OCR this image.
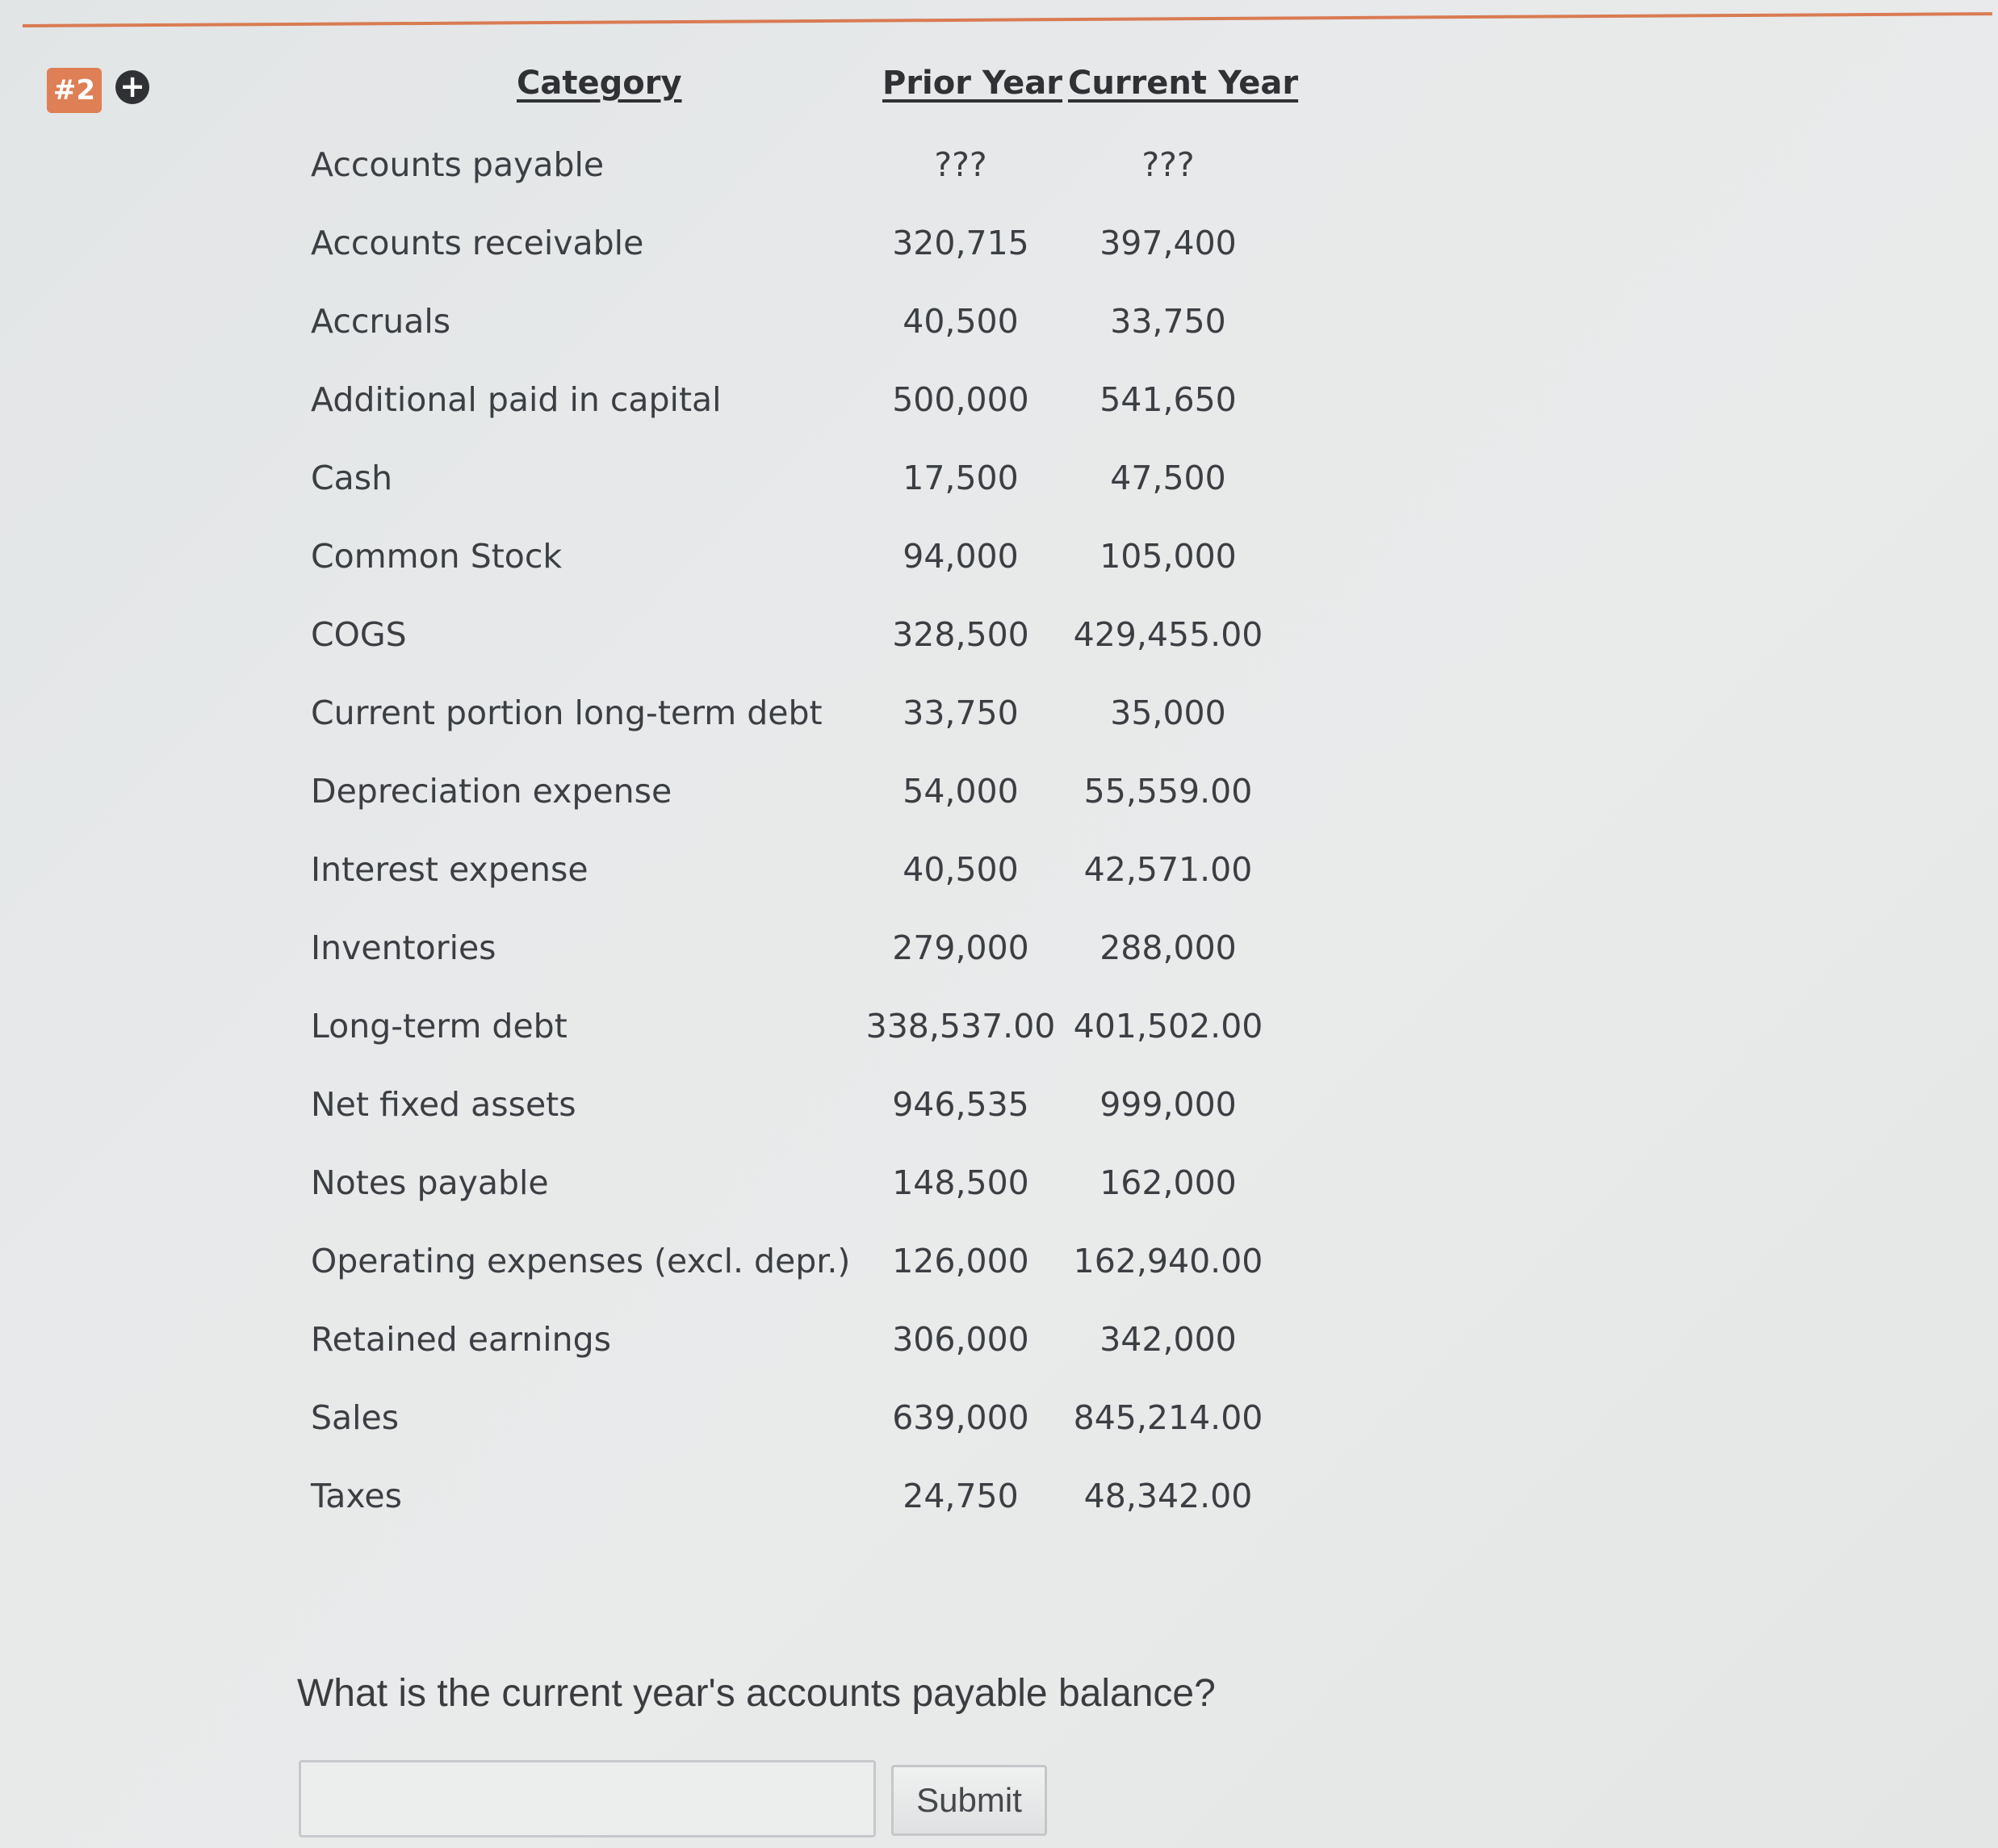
#2 +	Category	Prior Year Current Year
Accounts payable	???	???
Accounts receivable	320,715 397,400
Accruals	40,500	33,750
Additional paid in capital	500,000 541,650
Cash	17,500	47,500
Common Stock	94,000 105,000
COGS	328,500 429,455.00
Current portion long-term debt 33,750	35,000
Depreciation expense	54,000 55,559.00
Interest expense	40,500 42,571.00
Inventories	279,000 288,000
Long-term debt	338,537.00 401,502.00
Net fixed assets	946,535 999,000
Notes payable	148,500 162,000
Operating expenses (excl. depr.) 126,000 162,940.00
Retained earnings	306,000 342,000
Sales	639,000 845,214.00
Taxes	24,750 48,342.00
What is the current year's accounts payable balance?
Submit
